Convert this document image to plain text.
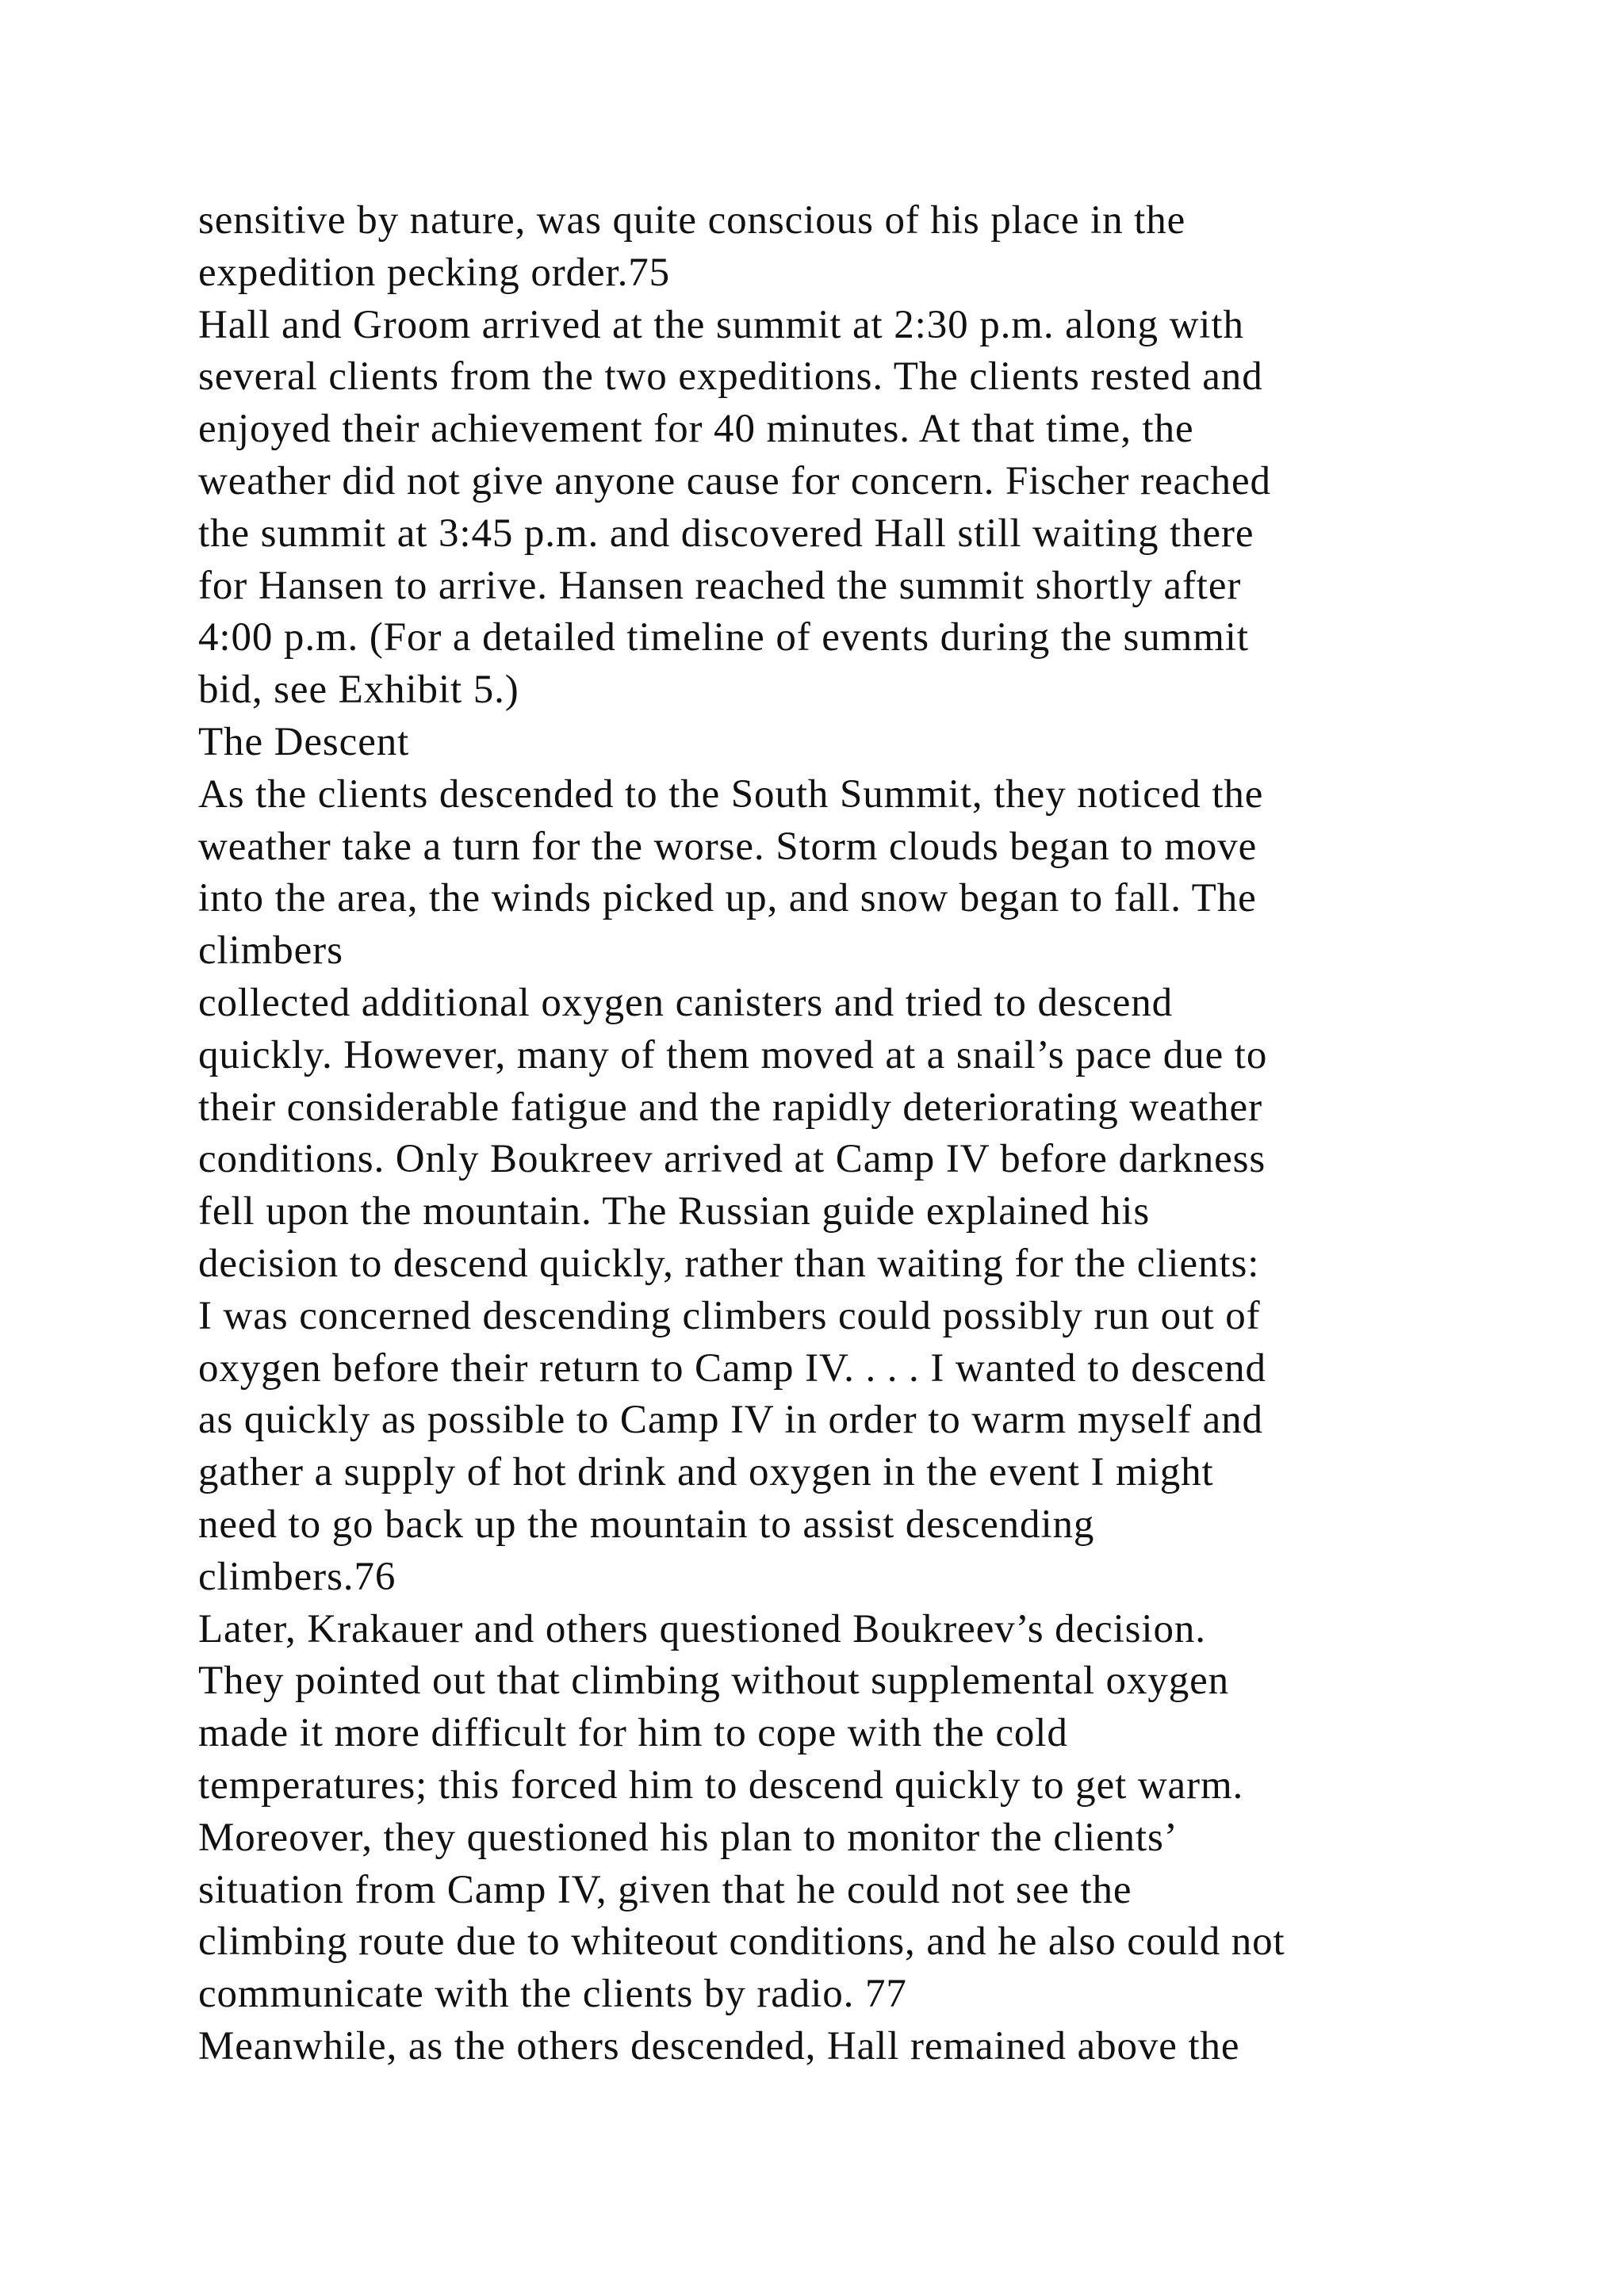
sensitive by nature, was quite conscious of his place in the
expedition pecking order.75
Hall and Groom arrived at the summit at 2:30 p.m. along with
several clients from the two expeditions. The clients rested and
enjoyed their achievement for 40 minutes. At that time, the
weather did not give anyone cause for concern. Fischer reached
the summit at 3:45 p.m. and discovered Hall still waiting there
for Hansen to arrive. Hansen reached the summit shortly after
4:00 p.m. (For a detailed timeline of events during the summit
bid, see Exhibit 5.)
The Descent
As the clients descended to the South Summit, they noticed the
weather take a turn for the worse. Storm clouds began to move
into the area, the winds picked up, and snow began to fall. The
climbers
collected additional oxygen canisters and tried to descend
quickly. However, many of them moved at a snail’s pace due to
their considerable fatigue and the rapidly deteriorating weather
conditions. Only Boukreev arrived at Camp IV before darkness
fell upon the mountain. The Russian guide explained his
decision to descend quickly, rather than waiting for the clients:
I was concerned descending climbers could possibly run out of
oxygen before their return to Camp IV. . . . I wanted to descend
as quickly as possible to Camp IV in order to warm myself and
gather a supply of hot drink and oxygen in the event I might
need to go back up the mountain to assist descending
climbers.76
Later, Krakauer and others questioned Boukreev’s decision.
They pointed out that climbing without supplemental oxygen
made it more difficult for him to cope with the cold
temperatures; this forced him to descend quickly to get warm.
Moreover, they questioned his plan to monitor the clients’
situation from Camp IV, given that he could not see the
climbing route due to whiteout conditions, and he also could not
communicate with the clients by radio. 77
Meanwhile, as the others descended, Hall remained above the
